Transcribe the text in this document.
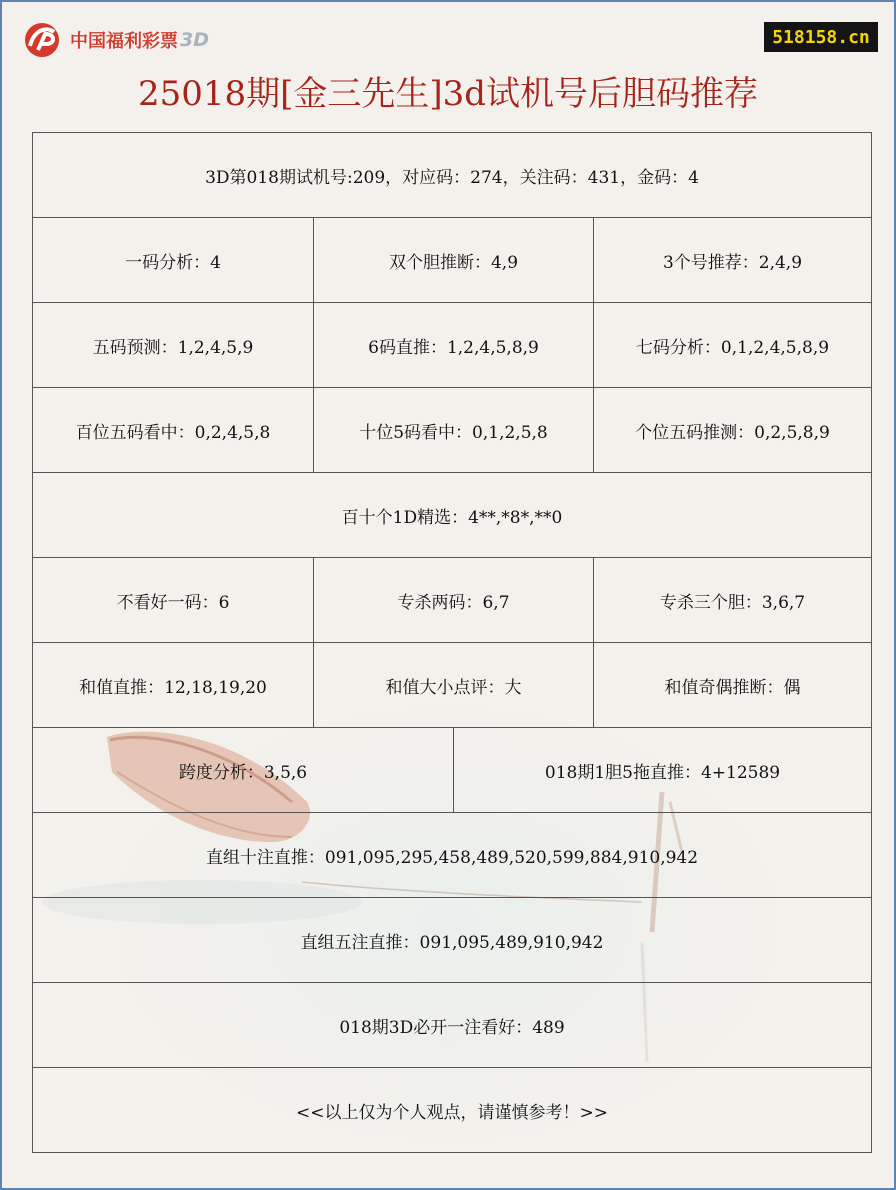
中国福利彩票 3D	518158.cn
25018期[金三先生]3d试机号后胆码推荐
3D第018期试机号:209，对应码：274，关注码：431，金码：4
一码分析：4	双个胆推断：4,9	3个号推荐：2,4,9
五码预测：1,2,4,5,9	6码直推：1,2,4,5,8,9	七码分析：0,1,2,4,5,8,9
百位五码看中：0,2,4,5,8	十位5码看中：0,1,2,5,8	个位五码推测：0,2,5,8,9
百十个1D精选：4**,*8*,**0
不看好一码：6	专杀两码：6,7	专杀三个胆：3,6,7
和值直推：12,18,19,20	和值大小点评：大	和值奇偶推断：偶
跨度分析：3,5,6	018期1胆5拖直推：4+12589
直组十注直推：091,095,295,458,489,520,599,884,910,942
直组五注直推：091,095,489,910,942
018期3D必开一注看好：489
<<以上仅为个人观点，请谨慎参考！>>
